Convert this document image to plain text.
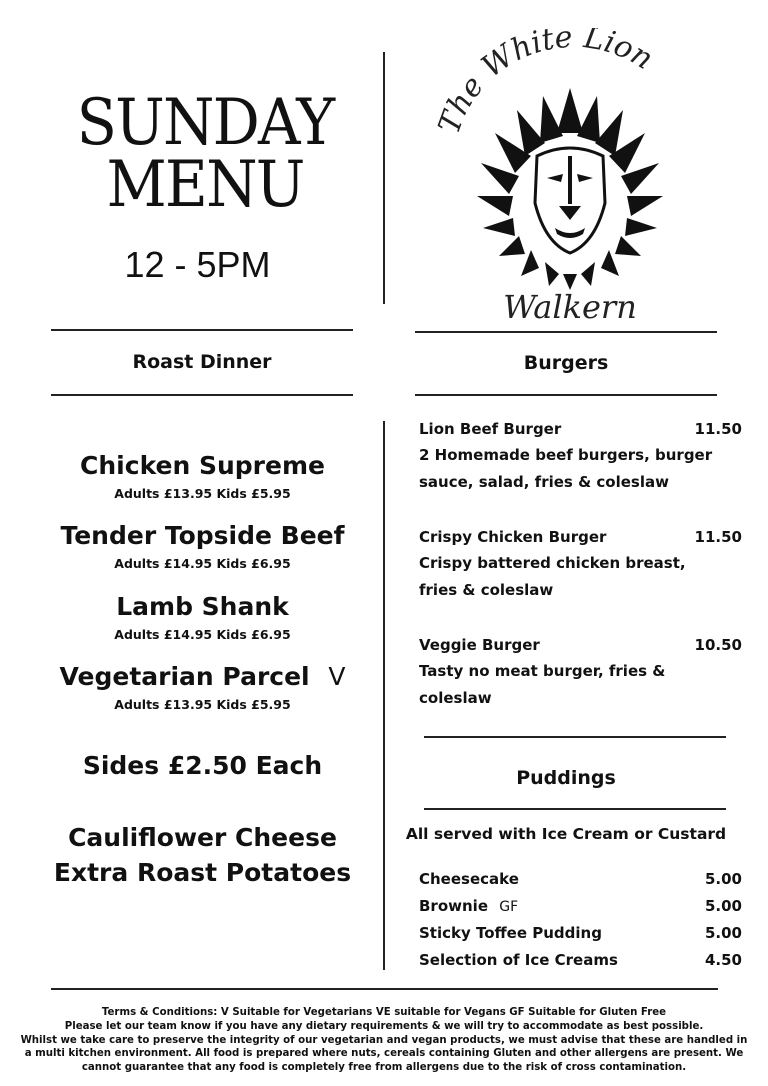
SUNDAY
MENU
12 - 5PM
The White Lion
Walkern
Roast Dinner	Burgers
Chicken Supreme
Adults £13.95 Kids £5.95
Tender Topside Beef
Adults £14.95 Kids £6.95
Lamb Shank
Adults £14.95 Kids £6.95
Vegetarian Parcel V
Adults £13.95 Kids £5.95
Sides £2.50 Each
Cauliflower Cheese
Extra Roast Potatoes
Lion Beef Burger	11.50
2 Homemade beef burgers, burger sauce, salad, fries & coleslaw
Crispy Chicken Burger	11.50
Crispy battered chicken breast, fries & coleslaw
Veggie Burger	10.50
Tasty no meat burger, fries & coleslaw
Puddings
All served with Ice Cream or Custard
Cheesecake	5.00
Brownie GF	5.00
Sticky Toffee Pudding	5.00
Selection of Ice Creams	4.50
Terms & Conditions: V Suitable for Vegetarians VE suitable for Vegans GF Suitable for Gluten Free
Please let our team know if you have any dietary requirements & we will try to accommodate as best possible.
Whilst we take care to preserve the integrity of our vegetarian and vegan products, we must advise that these are handled in a multi kitchen environment. All food is prepared where nuts, cereals containing Gluten and other allergens are present. We cannot guarantee that any food is completely free from allergens due to the risk of cross contamination.
